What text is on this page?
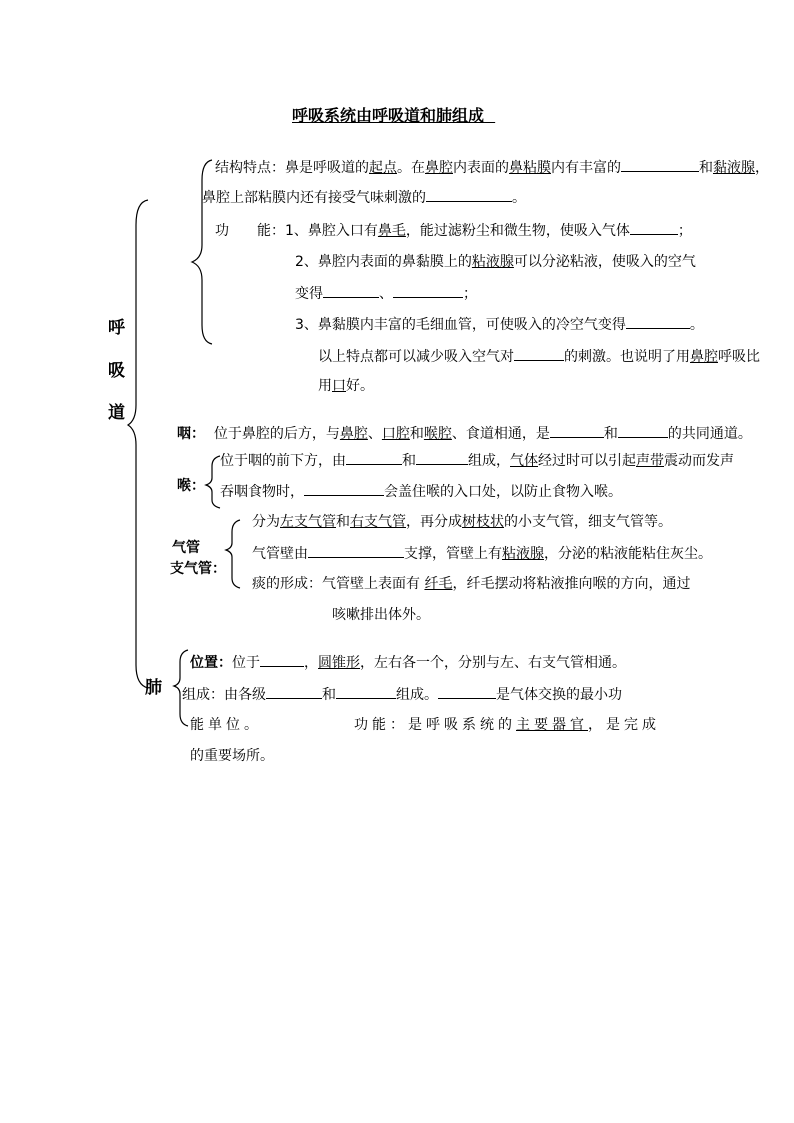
呼吸系统由呼吸道和肺组成
呼
吸
道
结构特点：鼻是呼吸道的起点。在鼻腔内表面的鼻粘膜内有丰富的	和黏液腺，
鼻腔上部粘膜内还有接受气味刺激的	。
功　　能：1、鼻腔入口有鼻毛，能过滤粉尘和微生物，使吸入气体	；
2、鼻腔内表面的鼻黏膜上的粘液腺可以分泌粘液，使吸入的空气
变得	、	；
3、鼻黏膜内丰富的毛细血管，可使吸入的冷空气变得	。
以上特点都可以减少吸入空气对	的刺激。也说明了用鼻腔呼吸比
用口好。
咽： 位于鼻腔的后方，与鼻腔、口腔和喉腔、食道相通，是	和	的共同通道。
喉：
位于咽的前下方，由	和	组成，气体经过时可以引起声带震动而发声
吞咽食物时，	会盖住喉的入口处，以防止食物入喉。
气管
支气管：
分为左支气管和右支气管，再分成树枝状的小支气管，细支气管等。
气管壁由	支撑，管壁上有粘液腺，分泌的粘液能粘住灰尘。
痰的形成：气管壁上表面有 纤毛，纤毛摆动将粘液推向喉的方向，通过
咳嗽排出体外。
肺
位置：位于	，圆锥形，左右各一个，分别与左、右支气管相通。
组成：由各级	和	组成。	是气体交换的最小功
能单位。	功能：是呼吸系统的主要器官，是完成
的重要场所。
